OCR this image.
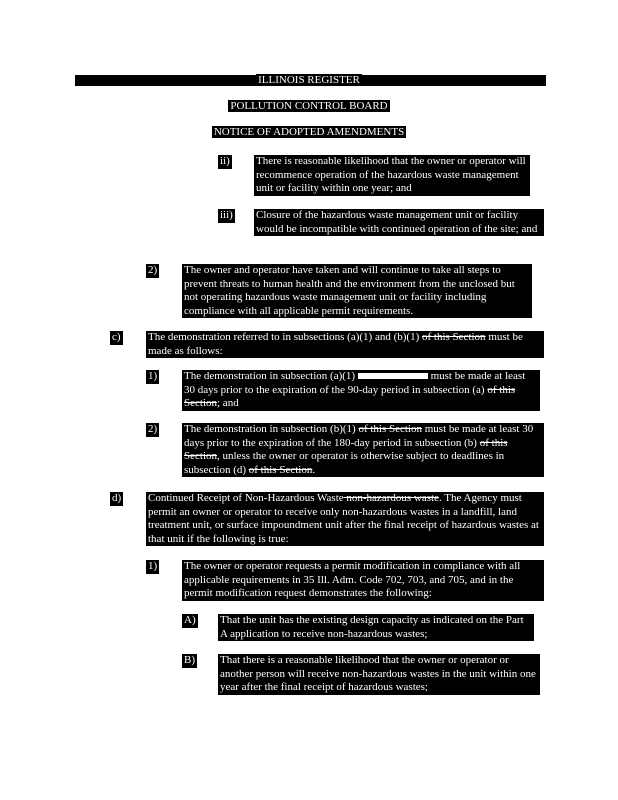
ILLINOIS REGISTER
POLLUTION CONTROL BOARD
NOTICE OF ADOPTED AMENDMENTS
ii) There is reasonable likelihood that the owner or operator will recommence operation of the hazardous waste management unit or facility within one year; and
iii) Closure of the hazardous waste management unit or facility would be incompatible with continued operation of the site; and
2) The owner and operator have taken and will continue to take all steps to prevent threats to human health and the environment from the unclosed but not operating hazardous waste management unit or facility including compliance with all applicable permit requirements.
c) The demonstration referred to in subsections (a)(1) and (b)(1) of this Section must be made as follows:
1) The demonstration in subsection (a)(1)	must be made at least 30 days prior to the expiration of the 90-day period in subsection (a) of this Section; and
2) The demonstration in subsection (b)(1) of this Section must be made at least 30 days prior to the expiration of the 180-day period in subsection (b) of this Section, unless the owner or operator is otherwise subject to deadlines in subsection (d) of this Section.
d) Continued Receipt of Non-Hazardous Waste non-hazardous waste. The Agency must permit an owner or operator to receive only non-hazardous wastes in a landfill, land treatment unit, or surface impoundment unit after the final receipt of hazardous wastes at that unit if the following is true:
1) The owner or operator requests a permit modification in compliance with all applicable requirements in 35 Ill. Adm. Code 702, 703, and 705, and in the permit modification request demonstrates the following:
A) That the unit has the existing design capacity as indicated on the Part A application to receive non-hazardous wastes;
B) That there is a reasonable likelihood that the owner or operator or another person will receive non-hazardous wastes in the unit within one year after the final receipt of hazardous wastes;
